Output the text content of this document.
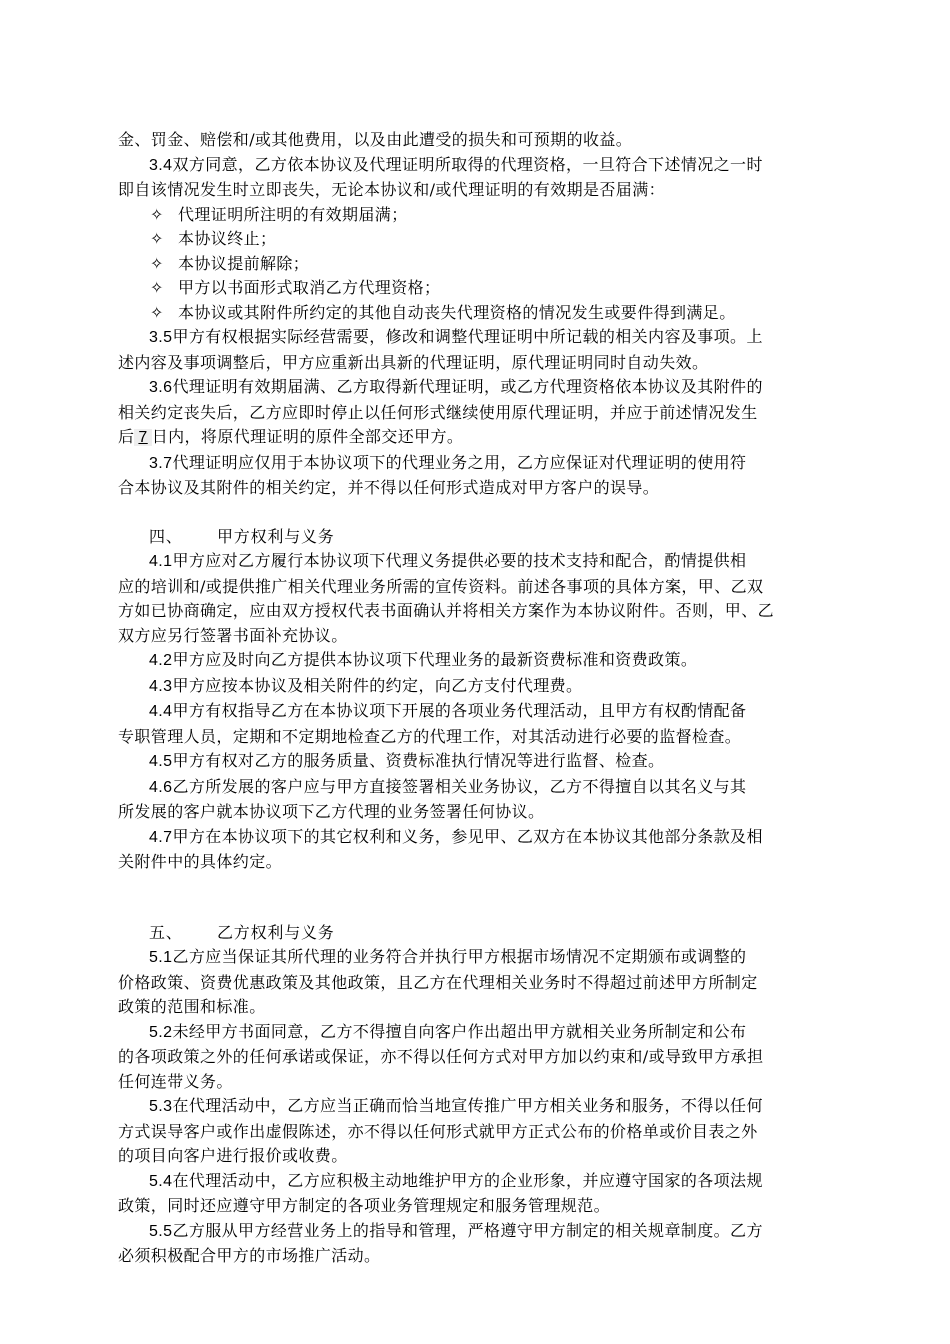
金、罚金、赔偿和/或其他费用，以及由此遭受的损失和可预期的收益。
3.4双方同意，乙方依本协议及代理证明所取得的代理资格，一旦符合下述情况之一时
即自该情况发生时立即丧失，无论本协议和/或代理证明的有效期是否届满：
✧ 代理证明所注明的有效期届满；
✧ 本协议终止；
✧ 本协议提前解除；
✧ 甲方以书面形式取消乙方代理资格；
✧ 本协议或其附件所约定的其他自动丧失代理资格的情况发生或要件得到满足。
3.5甲方有权根据实际经营需要，修改和调整代理证明中所记载的相关内容及事项。上
述内容及事项调整后，甲方应重新出具新的代理证明，原代理证明同时自动失效。
3.6代理证明有效期届满、乙方取得新代理证明，或乙方代理资格依本协议及其附件的
相关约定丧失后，乙方应即时停止以任何形式继续使用原代理证明，并应于前述情况发生
后 7 日内，将原代理证明的原件全部交还甲方。
3.7代理证明应仅用于本协议项下的代理业务之用，乙方应保证对代理证明的使用符
合本协议及其附件的相关约定，并不得以任何形式造成对甲方客户的误导。
四、 甲方权利与义务
4.1甲方应对乙方履行本协议项下代理义务提供必要的技术支持和配合，酌情提供相
应的培训和/或提供推广相关代理业务所需的宣传资料。前述各事项的具体方案，甲、乙双
方如已协商确定，应由双方授权代表书面确认并将相关方案作为本协议附件。否则，甲、乙
双方应另行签署书面补充协议。
4.2甲方应及时向乙方提供本协议项下代理业务的最新资费标准和资费政策。
4.3甲方应按本协议及相关附件的约定，向乙方支付代理费。
4.4甲方有权指导乙方在本协议项下开展的各项业务代理活动，且甲方有权酌情配备
专职管理人员，定期和不定期地检查乙方的代理工作，对其活动进行必要的监督检查。
4.5甲方有权对乙方的服务质量、资费标准执行情况等进行监督、检查。
4.6乙方所发展的客户应与甲方直接签署相关业务协议，乙方不得擅自以其名义与其
所发展的客户就本协议项下乙方代理的业务签署任何协议。
4.7甲方在本协议项下的其它权利和义务，参见甲、乙双方在本协议其他部分条款及相
关附件中的具体约定。
五、 乙方权利与义务
5.1乙方应当保证其所代理的业务符合并执行甲方根据市场情况不定期颁布或调整的
价格政策、资费优惠政策及其他政策，且乙方在代理相关业务时不得超过前述甲方所制定
政策的范围和标准。
5.2未经甲方书面同意，乙方不得擅自向客户作出超出甲方就相关业务所制定和公布
的各项政策之外的任何承诺或保证，亦不得以任何方式对甲方加以约束和/或导致甲方承担
任何连带义务。
5.3在代理活动中，乙方应当正确而恰当地宣传推广甲方相关业务和服务，不得以任何
方式误导客户或作出虚假陈述，亦不得以任何形式就甲方正式公布的价格单或价目表之外
的项目向客户进行报价或收费。
5.4在代理活动中，乙方应积极主动地维护甲方的企业形象，并应遵守国家的各项法规
政策，同时还应遵守甲方制定的各项业务管理规定和服务管理规范。
5.5乙方服从甲方经营业务上的指导和管理，严格遵守甲方制定的相关规章制度。乙方
必须积极配合甲方的市场推广活动。
